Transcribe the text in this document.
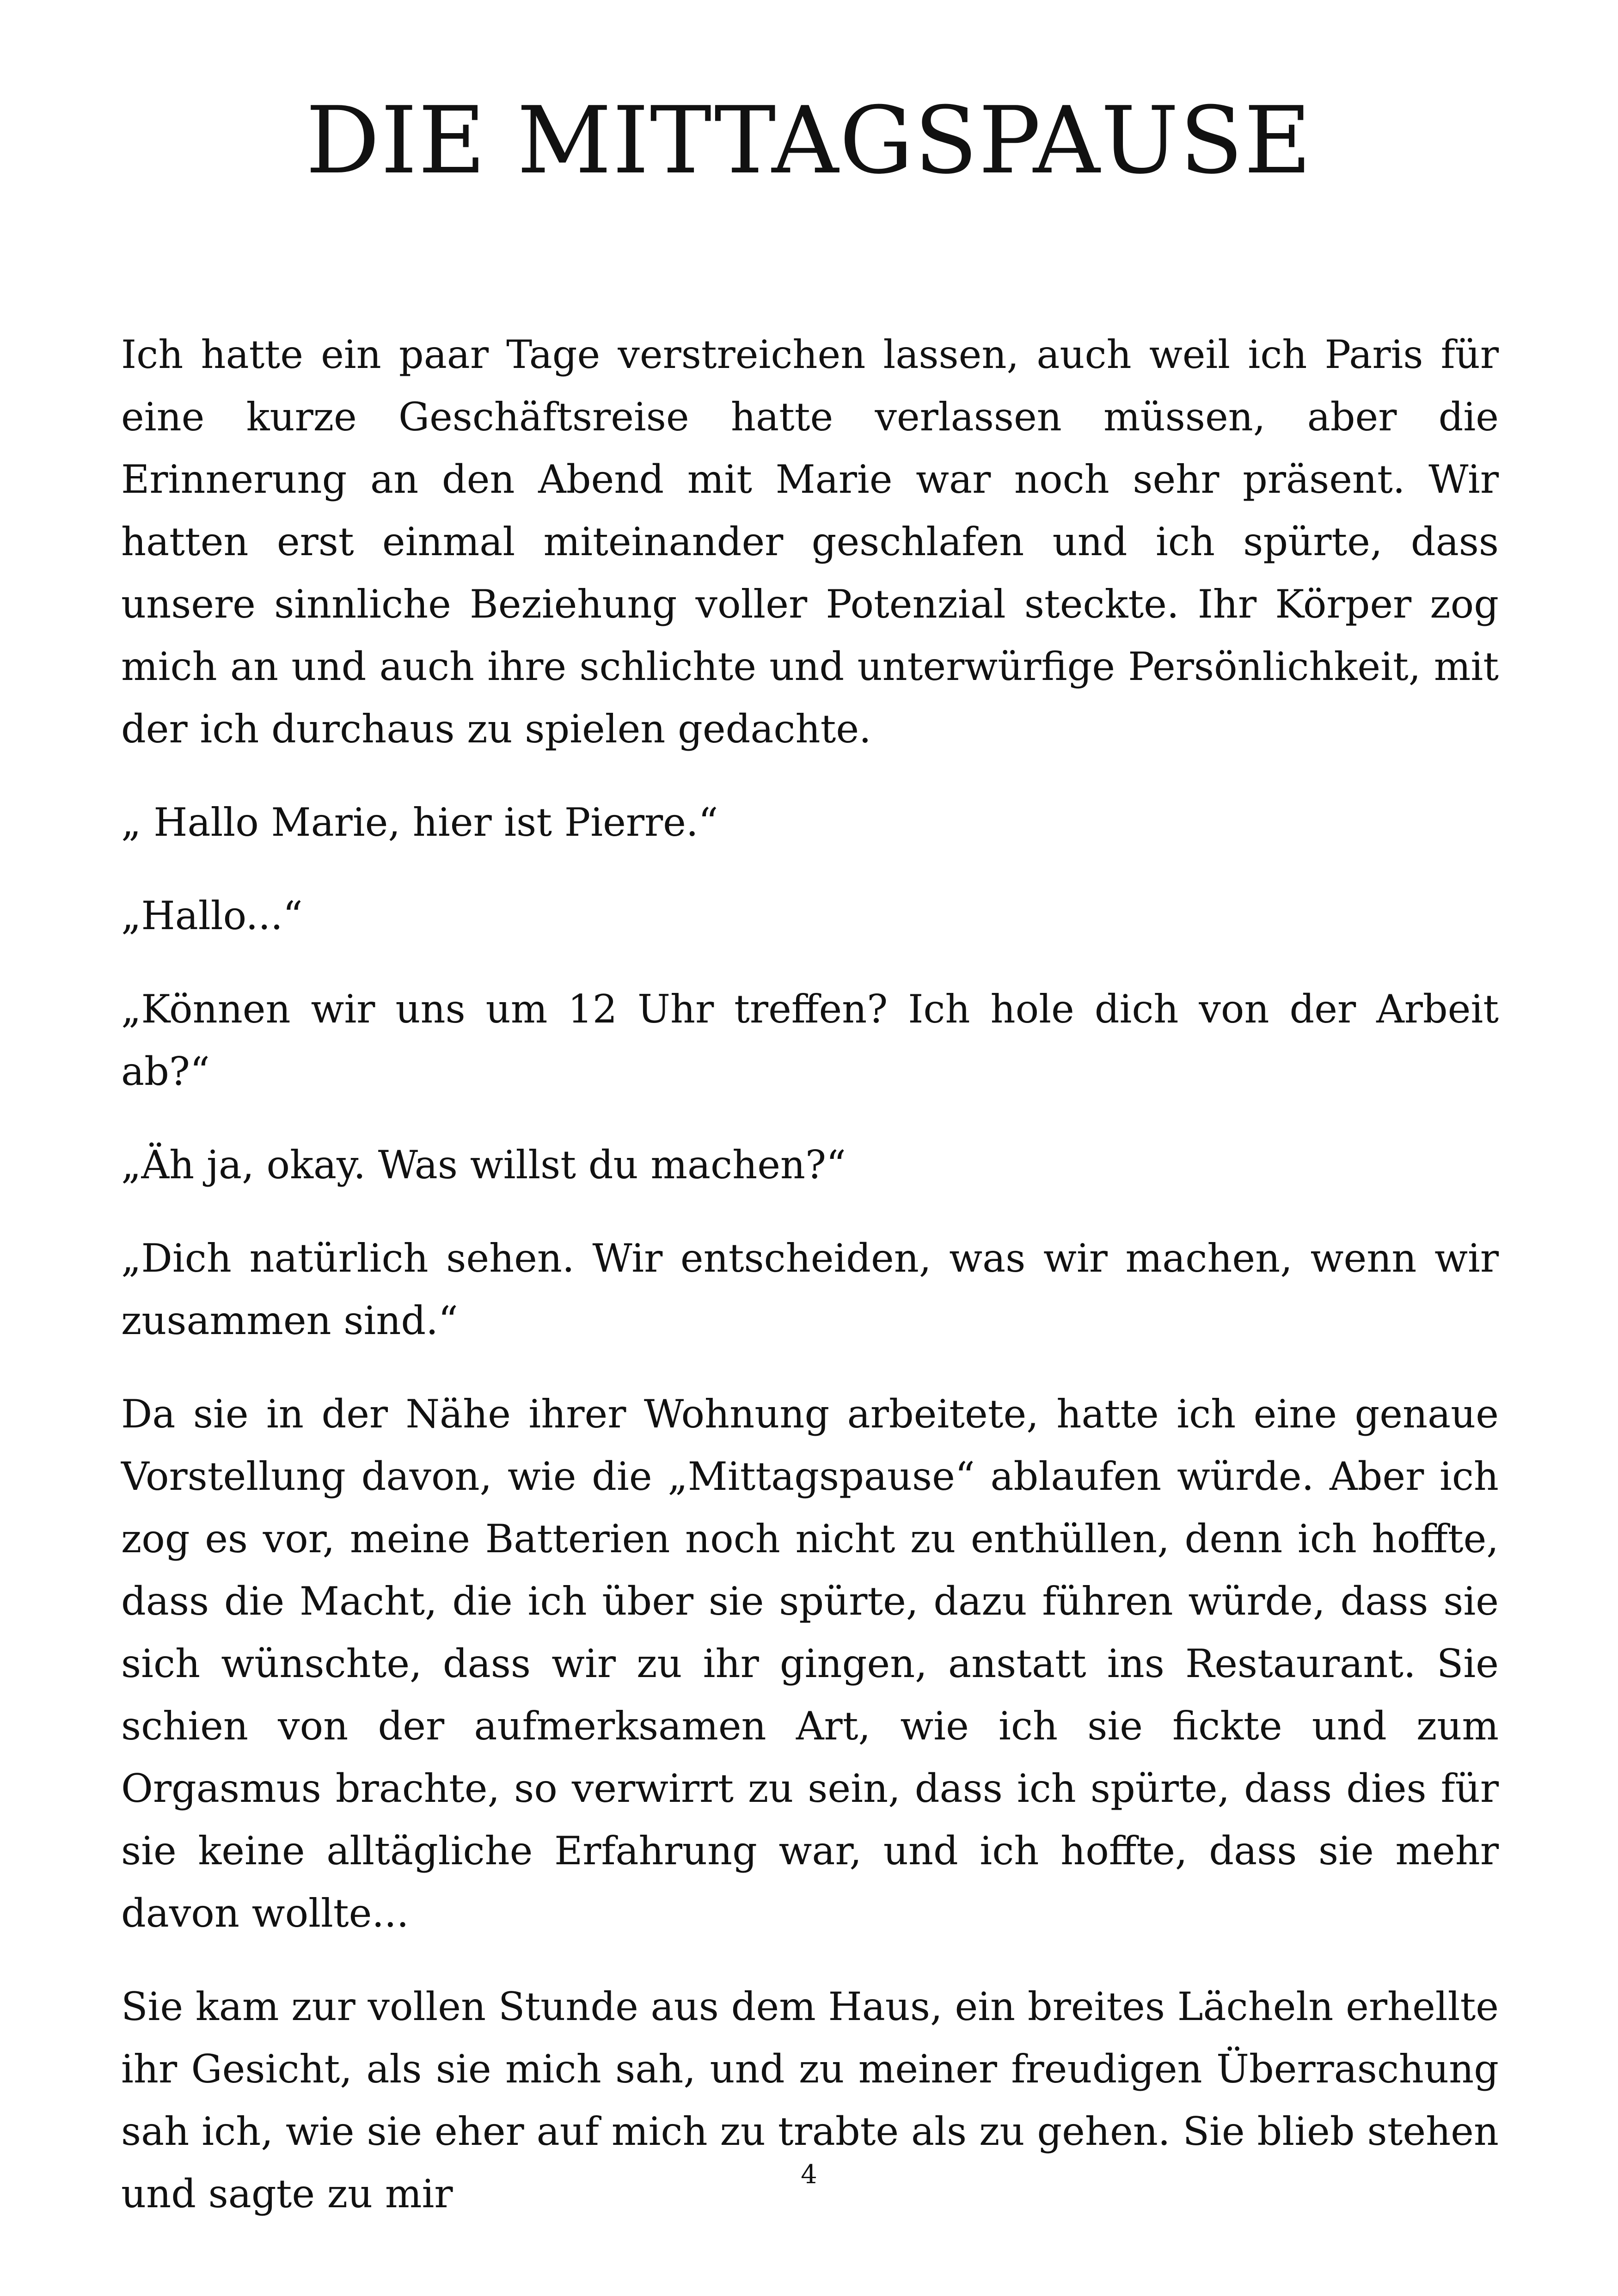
DIE MITTAGSPAUSE

Ich hatte ein paar Tage verstreichen lassen, auch weil ich Paris für eine kurze Geschäftsreise hatte verlassen müssen, aber die Erinnerung an den Abend mit Marie war noch sehr präsent. Wir hatten erst einmal miteinander geschlafen und ich spürte, dass unsere sinnliche Beziehung voller Potenzial steckte. Ihr Körper zog mich an und auch ihre schlichte und unterwürfige Persönlichkeit, mit der ich durchaus zu spielen gedachte.

„ Hallo Marie, hier ist Pierre.“

„Hallo...“

„Können wir uns um 12 Uhr treffen? Ich hole dich von der Arbeit ab?“

„Äh ja, okay. Was willst du machen?“

„Dich natürlich sehen. Wir entscheiden, was wir machen, wenn wir zusammen sind.“

Da sie in der Nähe ihrer Wohnung arbeitete, hatte ich eine genaue Vorstellung davon, wie die „Mittagspause“ ablaufen würde. Aber ich zog es vor, meine Batterien noch nicht zu enthüllen, denn ich hoffte, dass die Macht, die ich über sie spürte, dazu führen würde, dass sie sich wünschte, dass wir zu ihr gingen, anstatt ins Restaurant. Sie schien von der aufmerksamen Art, wie ich sie fickte und zum Orgasmus brachte, so verwirrt zu sein, dass ich spürte, dass dies für sie keine alltägliche Erfahrung war, und ich hoffte, dass sie mehr davon wollte...

Sie kam zur vollen Stunde aus dem Haus, ein breites Lächeln erhellte ihr Gesicht, als sie mich sah, und zu meiner freudigen Überraschung sah ich, wie sie eher auf mich zu trabte als zu gehen. Sie blieb stehen und sagte zu mir	4
